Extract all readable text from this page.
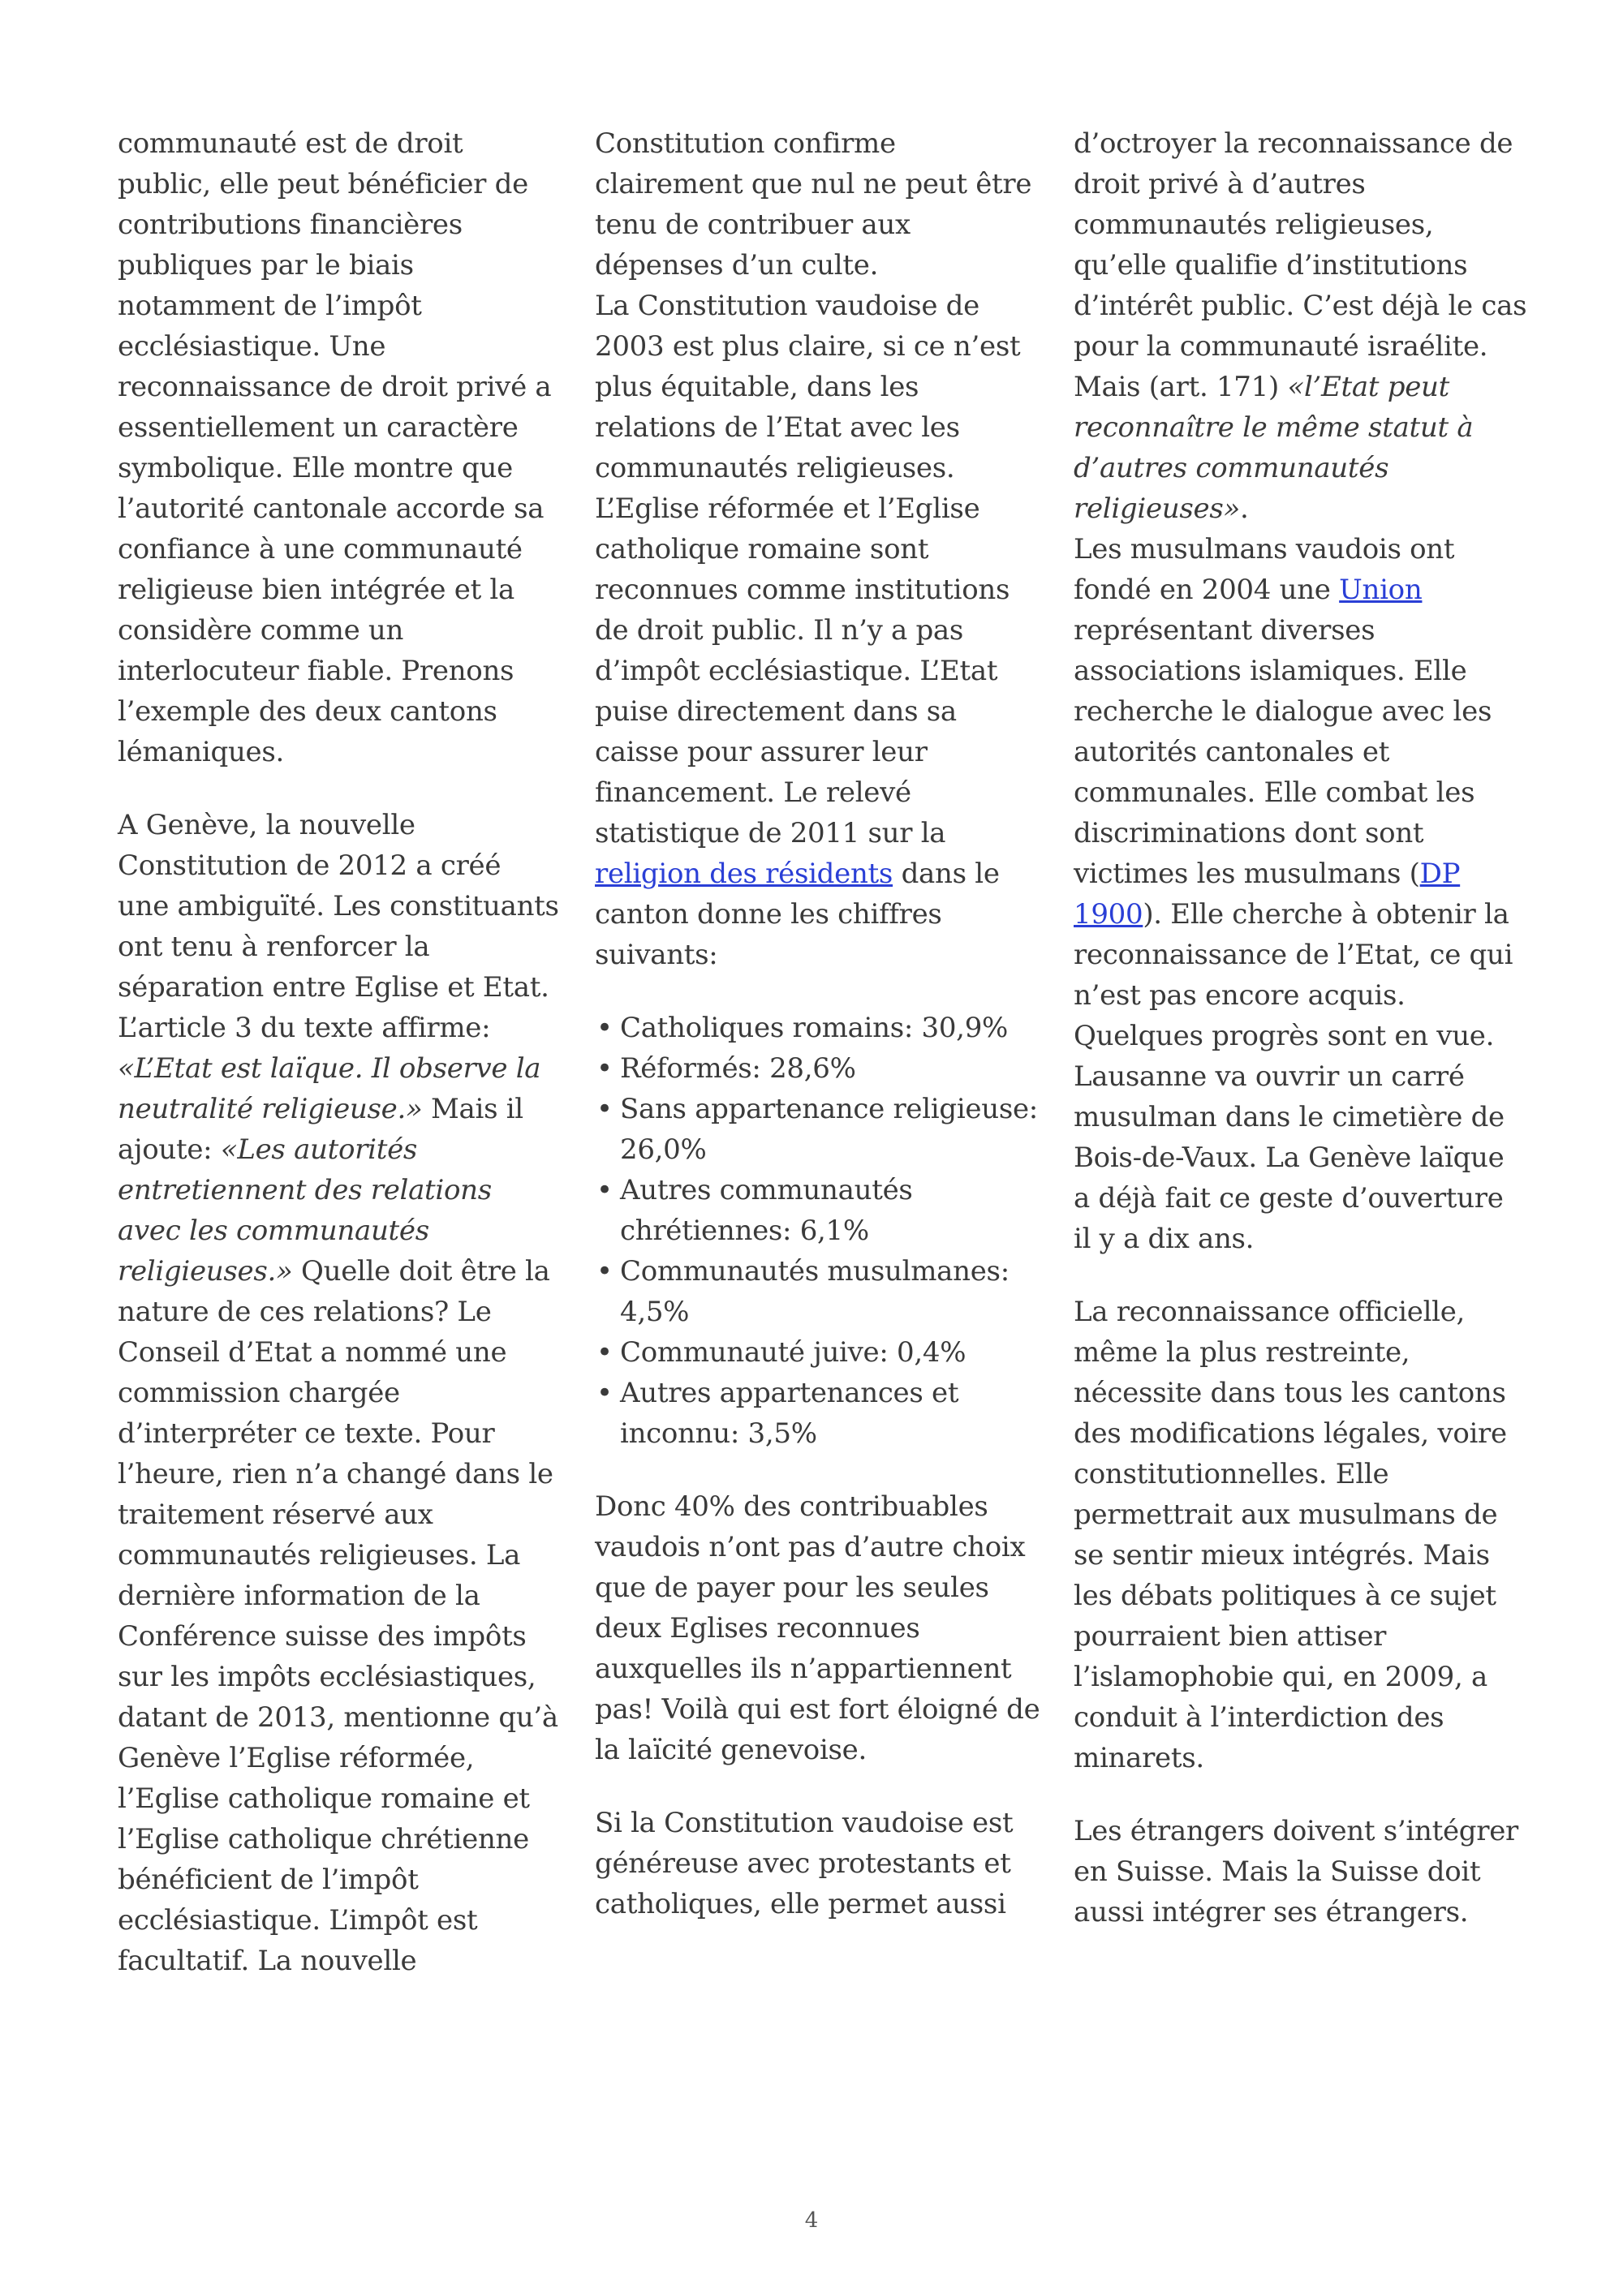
communauté est de droit public, elle peut bénéficier de contributions financières publiques par le biais notamment de l’impôt ecclésiastique. Une reconnaissance de droit privé a essentiellement un caractère symbolique. Elle montre que l’autorité cantonale accorde sa confiance à une communauté religieuse bien intégrée et la considère comme un interlocuteur fiable. Prenons l’exemple des deux cantons lémaniques.

A Genève, la nouvelle Constitution de 2012 a créé une ambiguïté. Les constituants ont tenu à renforcer la séparation entre Eglise et Etat. L’article 3 du texte affirme: «L’Etat est laïque. Il observe la neutralité religieuse.» Mais il ajoute: «Les autorités entretiennent des relations avec les communautés religieuses.» Quelle doit être la nature de ces relations? Le Conseil d’Etat a nommé une commission chargée d’interpréter ce texte. Pour l’heure, rien n’a changé dans le traitement réservé aux communautés religieuses. La dernière information de la Conférence suisse des impôts sur les impôts ecclésiastiques, datant de 2013, mentionne qu’à Genève l’Eglise réformée, l’Eglise catholique romaine et l’Eglise catholique chrétienne bénéficient de l’impôt ecclésiastique. L’impôt est facultatif. La nouvelle

Constitution confirme clairement que nul ne peut être tenu de contribuer aux dépenses d’un culte.

La Constitution vaudoise de 2003 est plus claire, si ce n’est plus équitable, dans les relations de l’Etat avec les communautés religieuses.

L’Eglise réformée et l’Eglise catholique romaine sont reconnues comme institutions de droit public. Il n’y a pas d’impôt ecclésiastique. L’Etat puise directement dans sa caisse pour assurer leur financement. Le relevé statistique de 2011 sur la religion des résidents dans le canton donne les chiffres suivants:

• Catholiques romains: 30,9%
• Réformés: 28,6%
• Sans appartenance religieuse: 26,0%
• Autres communautés chrétiennes: 6,1%
• Communautés musulmanes: 4,5%
• Communauté juive: 0,4%
• Autres appartenances et inconnu: 3,5%

Donc 40% des contribuables vaudois n’ont pas d’autre choix que de payer pour les seules deux Eglises reconnues auxquelles ils n’appartiennent pas! Voilà qui est fort éloigné de la laïcité genevoise.

Si la Constitution vaudoise est généreuse avec protestants et catholiques, elle permet aussi

d’octroyer la reconnaissance de droit privé à d’autres communautés religieuses, qu’elle qualifie d’institutions d’intérêt public. C’est déjà le cas pour la communauté israélite. Mais (art. 171) «l’Etat peut reconnaître le même statut à d’autres communautés religieuses».

Les musulmans vaudois ont fondé en 2004 une Union représentant diverses associations islamiques. Elle recherche le dialogue avec les autorités cantonales et communales. Elle combat les discriminations dont sont victimes les musulmans (DP 1900). Elle cherche à obtenir la reconnaissance de l’Etat, ce qui n’est pas encore acquis. Quelques progrès sont en vue. Lausanne va ouvrir un carré musulman dans le cimetière de Bois-de-Vaux. La Genève laïque a déjà fait ce geste d’ouverture il y a dix ans.

La reconnaissance officielle, même la plus restreinte, nécessite dans tous les cantons des modifications légales, voire constitutionnelles. Elle permettrait aux musulmans de se sentir mieux intégrés. Mais les débats politiques à ce sujet pourraient bien attiser l’islamophobie qui, en 2009, a conduit à l’interdiction des minarets.

Les étrangers doivent s’intégrer en Suisse. Mais la Suisse doit aussi intégrer ses étrangers.

4
